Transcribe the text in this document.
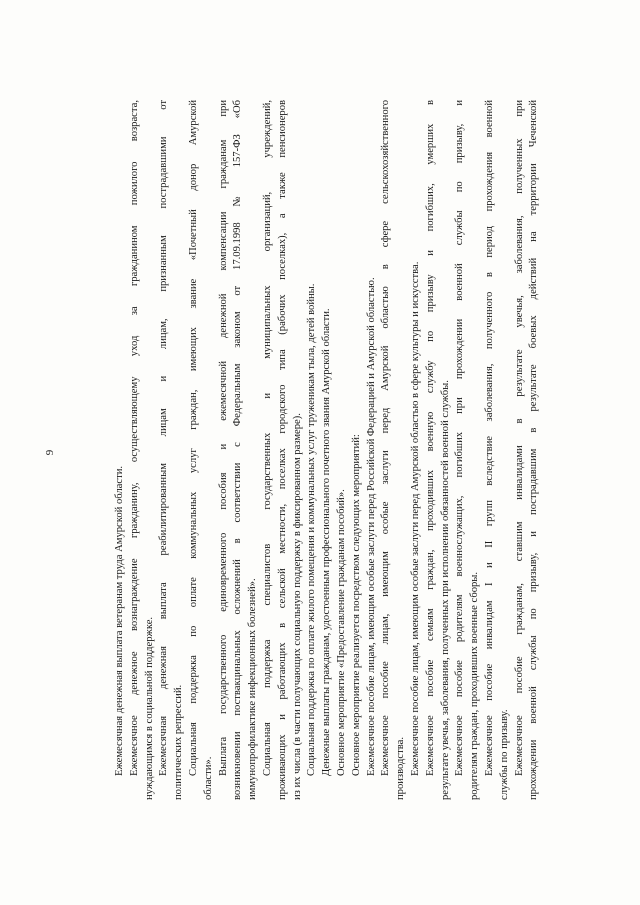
9
Ежемесячная денежная выплата ветеранам труда Амурской области. Ежемесячное денежное вознаграждение гражданину, осуществляющему уход за гражданином пожилого возраста, нуждающимся в социальной поддержке. Ежемесячная денежная выплата реабилитированным лицам и лицам, признанным пострадавшими от политических репрессий. Социальная поддержка по оплате коммунальных услуг граждан, имеющих звание «Почетный донор Амурской
области».
Выплата государственного единовременного пособия и ежемесячной денежной компенсации гражданам при возникновении поствакцинальных осложнений в соответствии с Федеральным законом от 17.09.1998 № 157-ФЗ «Об иммунопрофилактике инфекционных болезней». Социальная поддержка специалистов государственных и муниципальных организаций, учреждений, проживающих и работающих в сельской местности, поселках городского типа (рабочих поселках), а также пенсионеров из их числа (в части получающих социальную поддержку в фиксированном размере). Социальная поддержка по оплате жилого помещения и коммунальных услуг труженикам тыла, детей войны. Денежные выплаты гражданам, удостоенным профессионального почетного звания Амурской области. Основное мероприятие «Предоставление гражданам пособий». Основное мероприятие реализуется посредством следующих мероприятий: Ежемесячное пособие лицам, имеющим особые заслуги перед Российской Федерацией и Амурской областью. Ежемесячное пособие лицам, имеющим особые заслуги перед Амурской областью в сфере сельскохозяйственного производства. Ежемесячное пособие лицам, имеющим особые заслуги перед Амурской областью в сфере культуры и искусства. Ежемесячное пособие семьям граждан, проходивших военную службу по призыву и погибших, умерших в результате увечья, заболевания, полученных при исполнении обязанностей военной службы. Ежемесячное пособие родителям военнослужащих, погибших при прохождении военной службы по призыву, и родителям граждан, проходивших военные сборы. Ежемесячное пособие инвалидам I и II групп вследствие заболевания, полученного в период прохождения военной службы по призыву. Ежемесячное пособие гражданам, ставшим инвалидами в результате увечья, заболевания, полученных при прохождении военной службы по призыву, и пострадавшим в результате боевых действий на территории Чеченской
